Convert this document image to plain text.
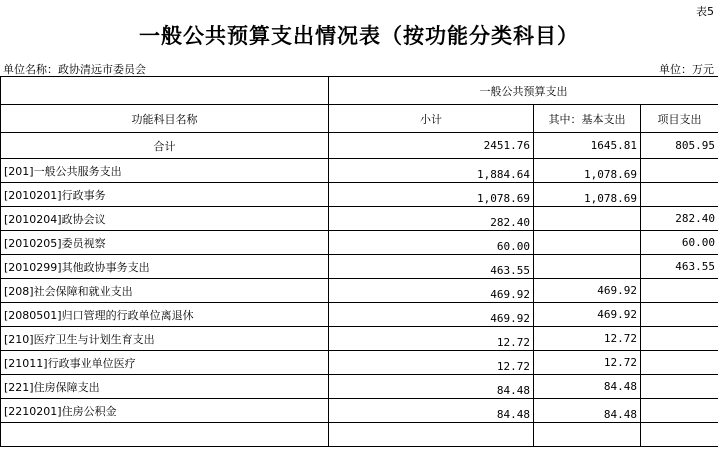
表5
一般公共预算支出情况表（按功能分类科目）
单位名称：政协清远市委员会	单位：万元
	一般公共预算支出		
功能科目名称	小计	其中：基本支出	项目支出
合计	2451.76	1645.81	805.95
[201]一般公共服务支出	1,884.64	1,078.69	
[2010201]行政事务	1,078.69	1,078.69	
[2010204]政协会议	282.40		282.40
[2010205]委员视察	60.00		60.00
[2010299]其他政协事务支出	463.55		463.55
[208]社会保障和就业支出	469.92	469.92	
[2080501]归口管理的行政单位离退休	469.92	469.92	
[210]医疗卫生与计划生育支出	12.72	12.72	
[21011]行政事业单位医疗	12.72	12.72	
[221]住房保障支出	84.48	84.48	
[2210201]住房公积金	84.48	84.48	
